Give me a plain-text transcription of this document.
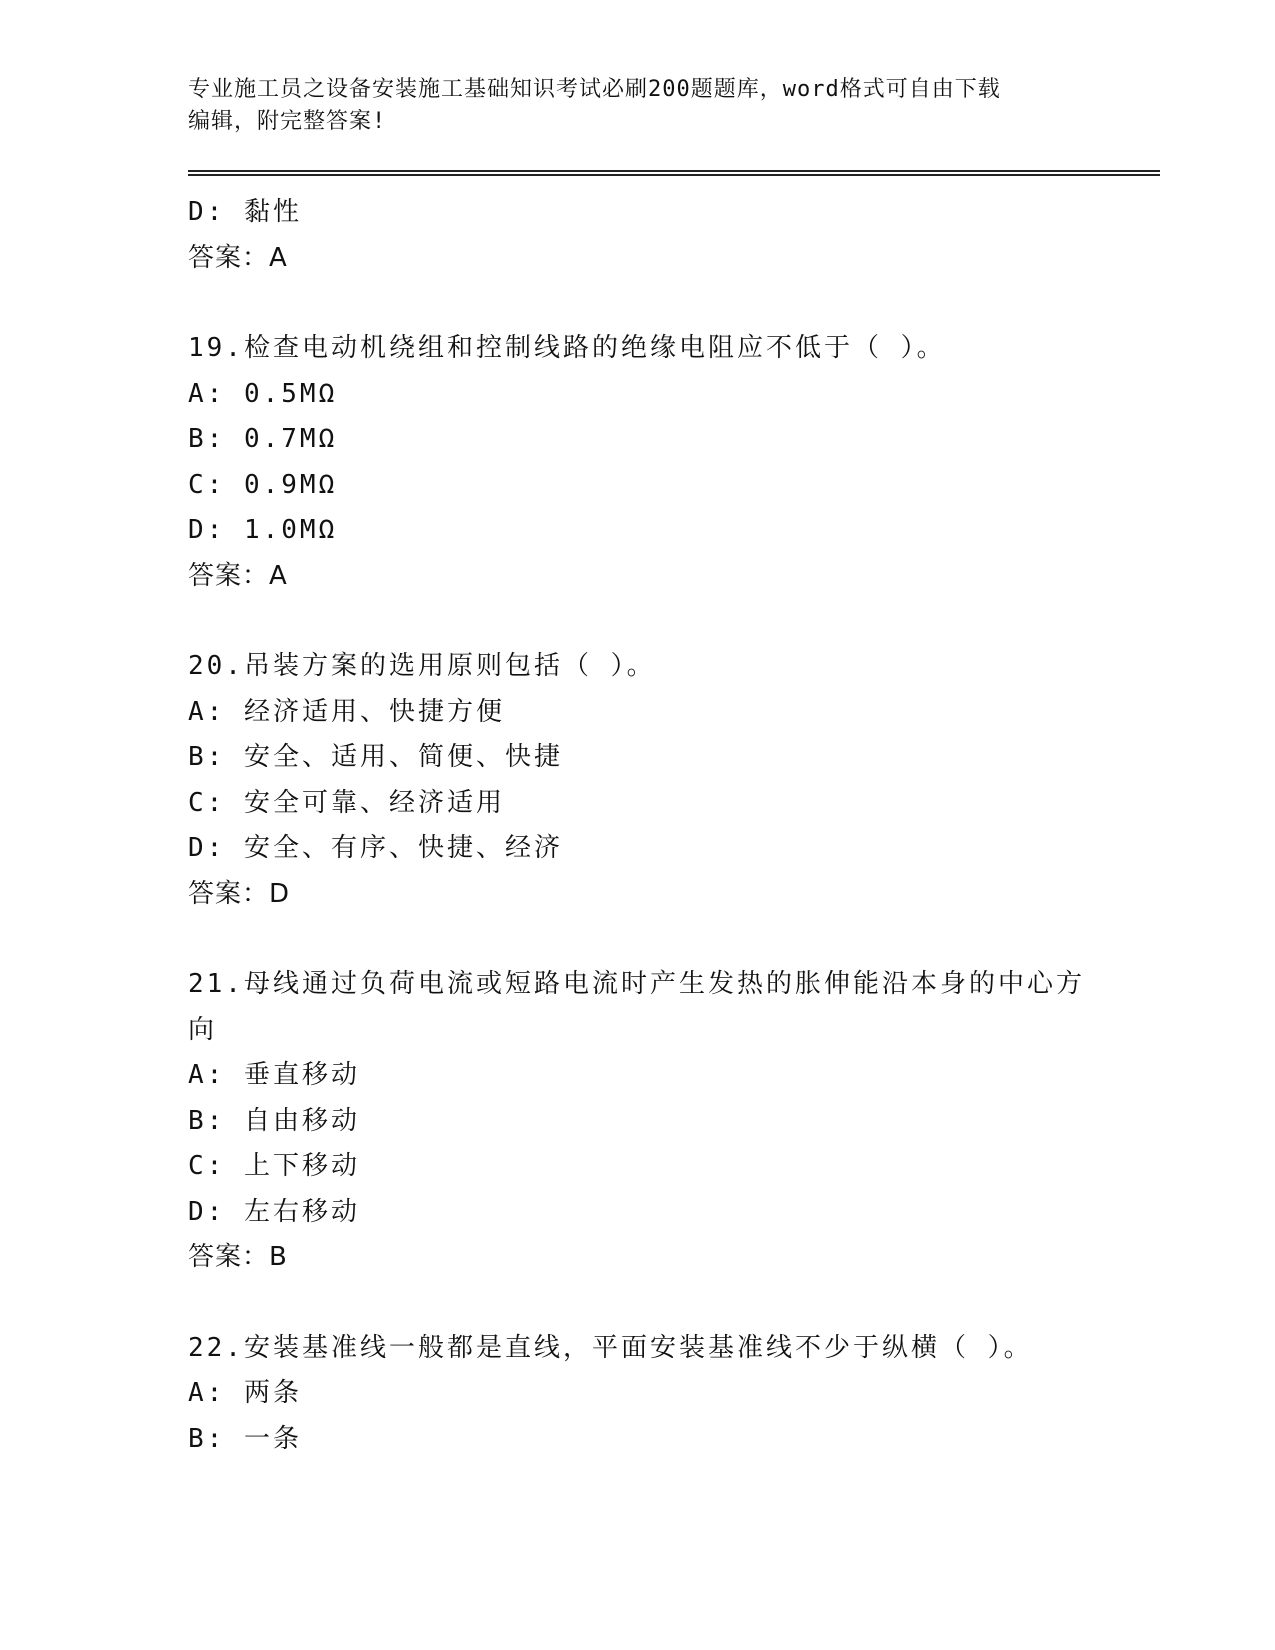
专业施工员之设备安装施工基础知识考试必刷200题题库，word格式可自由下载
编辑，附完整答案!
D: 黏性
答案：A
19.检查电动机绕组和控制线路的绝缘电阻应不低于（ ）。
A: 0.5MΩ
B: 0.7MΩ
C: 0.9MΩ
D: 1.0MΩ
答案：A
20.吊装方案的选用原则包括（ ）。
A: 经济适用、快捷方便
B: 安全、适用、简便、快捷
C: 安全可靠、经济适用
D: 安全、有序、快捷、经济
答案：D
21.母线通过负荷电流或短路电流时产生发热的胀伸能沿本身的中心方向
A: 垂直移动
B: 自由移动
C: 上下移动
D: 左右移动
答案：B
22.安装基准线一般都是直线，平面安装基准线不少于纵横（ ）。
A: 两条
B: 一条
